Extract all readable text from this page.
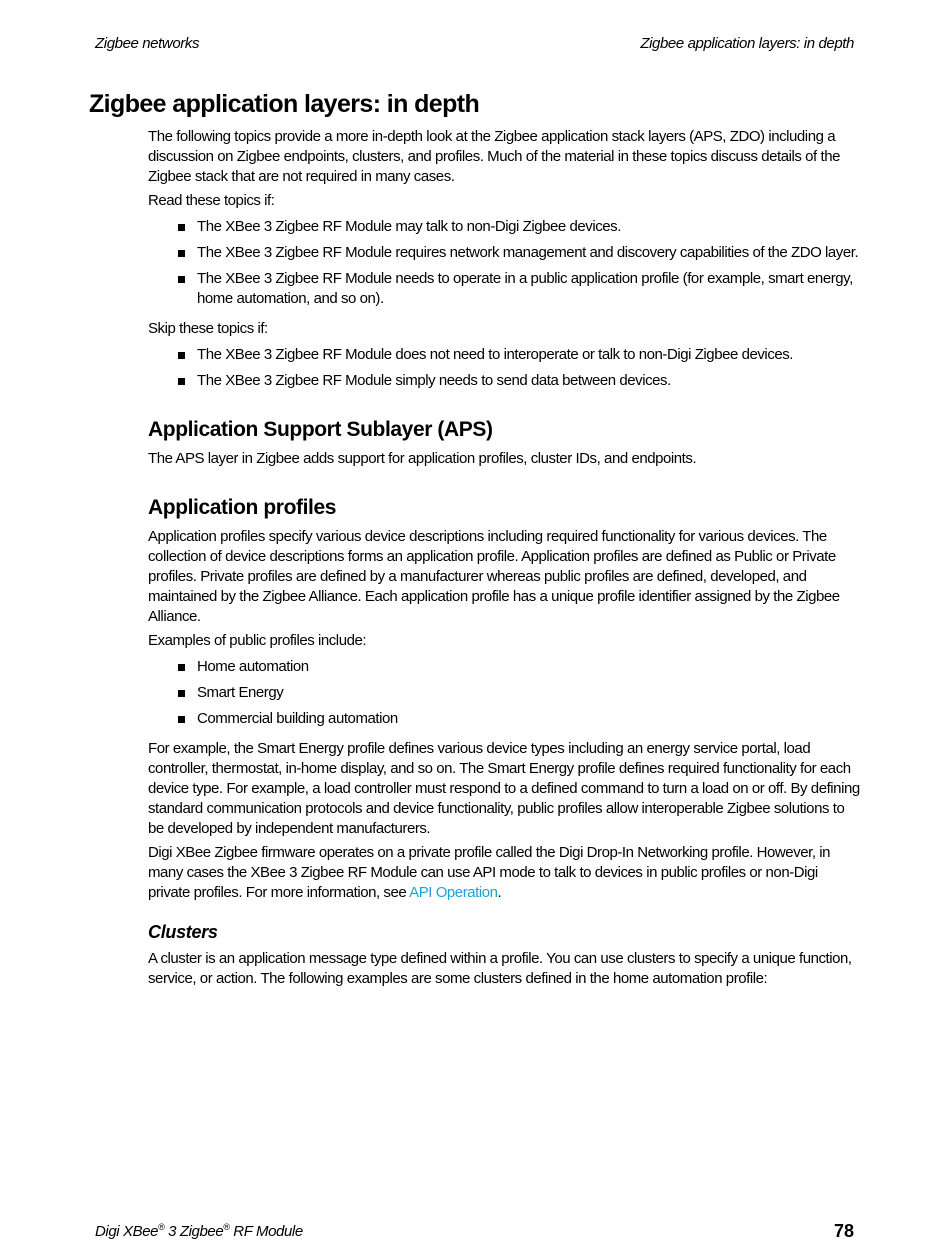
Zigbee networks	Zigbee application layers: in depth
Zigbee application layers: in depth

The following topics provide a more in-depth look at the Zigbee application stack layers (APS, ZDO) including a discussion on Zigbee endpoints, clusters, and profiles. Much of the material in these topics discuss details of the Zigbee stack that are not required in many cases.

Read these topics if:

The XBee 3 Zigbee RF Module may talk to non-Digi Zigbee devices.
The XBee 3 Zigbee RF Module requires network management and discovery capabilities of the ZDO layer.
The XBee 3 Zigbee RF Module needs to operate in a public application profile (for example, smart energy, home automation, and so on).

Skip these topics if:

The XBee 3 Zigbee RF Module does not need to interoperate or talk to non-Digi Zigbee devices.
The XBee 3 Zigbee RF Module simply needs to send data between devices.
Application Support Sublayer (APS)

The APS layer in Zigbee adds support for application profiles, cluster IDs, and endpoints.

Application profiles

Application profiles specify various device descriptions including required functionality for various devices. The collection of device descriptions forms an application profile. Application profiles are defined as Public or Private profiles. Private profiles are defined by a manufacturer whereas public profiles are defined, developed, and maintained by the Zigbee Alliance. Each application profile has a unique profile identifier assigned by the Zigbee Alliance.

Examples of public profiles include:

Home automation
Smart Energy
Commercial building automation

For example, the Smart Energy profile defines various device types including an energy service portal, load controller, thermostat, in-home display, and so on. The Smart Energy profile defines required functionality for each device type. For example, a load controller must respond to a defined command to turn a load on or off. By defining standard communication protocols and device functionality, public profiles allow interoperable Zigbee solutions to be developed by independent manufacturers.

Digi XBee Zigbee firmware operates on a private profile called the Digi Drop-In Networking profile. However, in many cases the XBee 3 Zigbee RF Module can use API mode to talk to devices in public profiles or non-Digi private profiles. For more information, see API Operation.

Clusters

A cluster is an application message type defined within a profile. You can use clusters to specify a unique function, service, or action. The following examples are some clusters defined in the home automation profile:

Digi XBee® 3 Zigbee® RF Module	78
